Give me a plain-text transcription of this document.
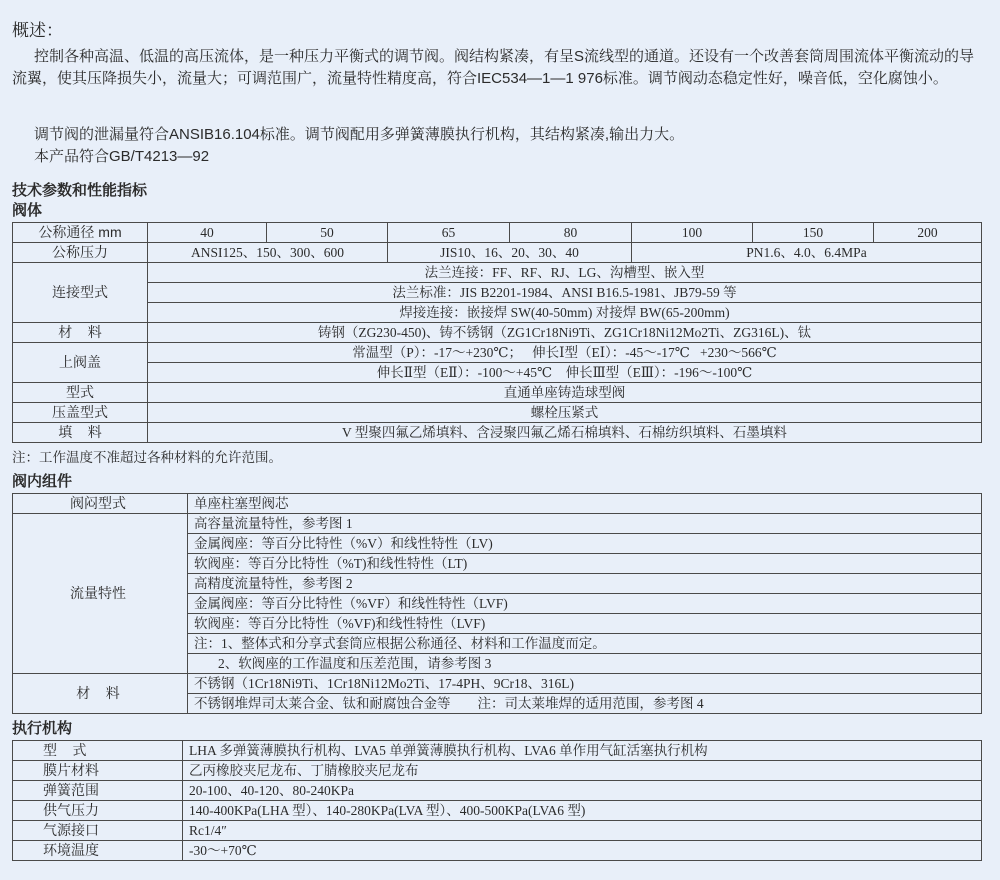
概述：

控制各种高温、低温的高压流体，是一种压力平衡式的调节阀。阀结构紧凑，有呈S流线型的通道。还设有一个改善套筒周围流体平衡流动的导流翼，使其压降损失小，流量大；可调范围广，流量特性精度高，符合IEC534—1—1 976标准。调节阀动态稳定性好，噪音低，空化腐蚀小。

调节阀的泄漏量符合ANSIB16.104标准。调节阀配用多弹簧薄膜执行机构，其结构紧凑,输出力大。

本产品符合GB/T4213—92

技术参数和性能指标
阀体
公称通径 mm	40	50	65	80	100	150	200
公称压力	ANSI125、150、300、600		JIS10、16、20、30、40		PN1.6、4.0、6.4MPa		
连接型式	法兰连接：FF、RF、RJ、LG、沟槽型、嵌入型						
	法兰标准：JIS B2201-1984、ANSI B16.5-1981、JB79-59 等						
	焊接连接：嵌接焊 SW(40-50mm) 对接焊 BW(65-200mm)						
材    料	铸钢（ZG230-450)、铸不锈钢（ZG1Cr18Ni9Ti、ZG1Cr18Ni12Mo2Ti、ZG316L)、钛						
上阀盖	常温型（P）：-17～+230℃；   伸长Ⅰ型（EⅠ）：-45～-17℃   +230～566℃						
	伸长Ⅱ型（EⅡ）：-100～+45℃    伸长Ⅲ型（EⅢ）：-196～-100℃						
型式	直通单座铸造球型阀						
压盖型式	螺栓压紧式						
填    料	V 型聚四氟乙烯填料、含浸聚四氟乙烯石棉填料、石棉纺织填料、石墨填料						

注：工作温度不准超过各种材料的允许范围。

阀内组件
阀闷型式	单座柱塞型阀芯
流量特性	高容量流量特性，参考图 1
	金属阀座：等百分比特性（%V）和线性特性（LV)
	软阀座：等百分比特性（%T)和线性特性（LT)
	高精度流量特性，参考图 2
	金属阀座：等百分比特性（%VF）和线性特性（LVF)
	软阀座：等百分比特性（%VF)和线性特性（LVF)
	注：1、整体式和分享式套筒应根据公称通径、材料和工作温度而定。
	2、软阀座的工作温度和压差范围，请参考图 3
材    料	不锈钢（1Cr18Ni9Ti、1Cr18Ni12Mo2Ti、17-4PH、9Cr18、316L)
	不锈钢堆焊司太莱合金、钛和耐腐蚀合金等        注：司太莱堆焊的适用范围，参考图 4
执行机构
型    式	LHA 多弹簧薄膜执行机构、LVA5 单弹簧薄膜执行机构、LVA6 单作用气缸活塞执行机构
膜片材料	乙丙橡胶夹尼龙布、丁腈橡胶夹尼龙布
弹簧范围	20-100、40-120、80-240KPa
供气压力	140-400KPa(LHA 型）、140-280KPa(LVA 型）、400-500KPa(LVA6 型)
气源接口	Rc1/4″
环境温度	-30～+70℃
